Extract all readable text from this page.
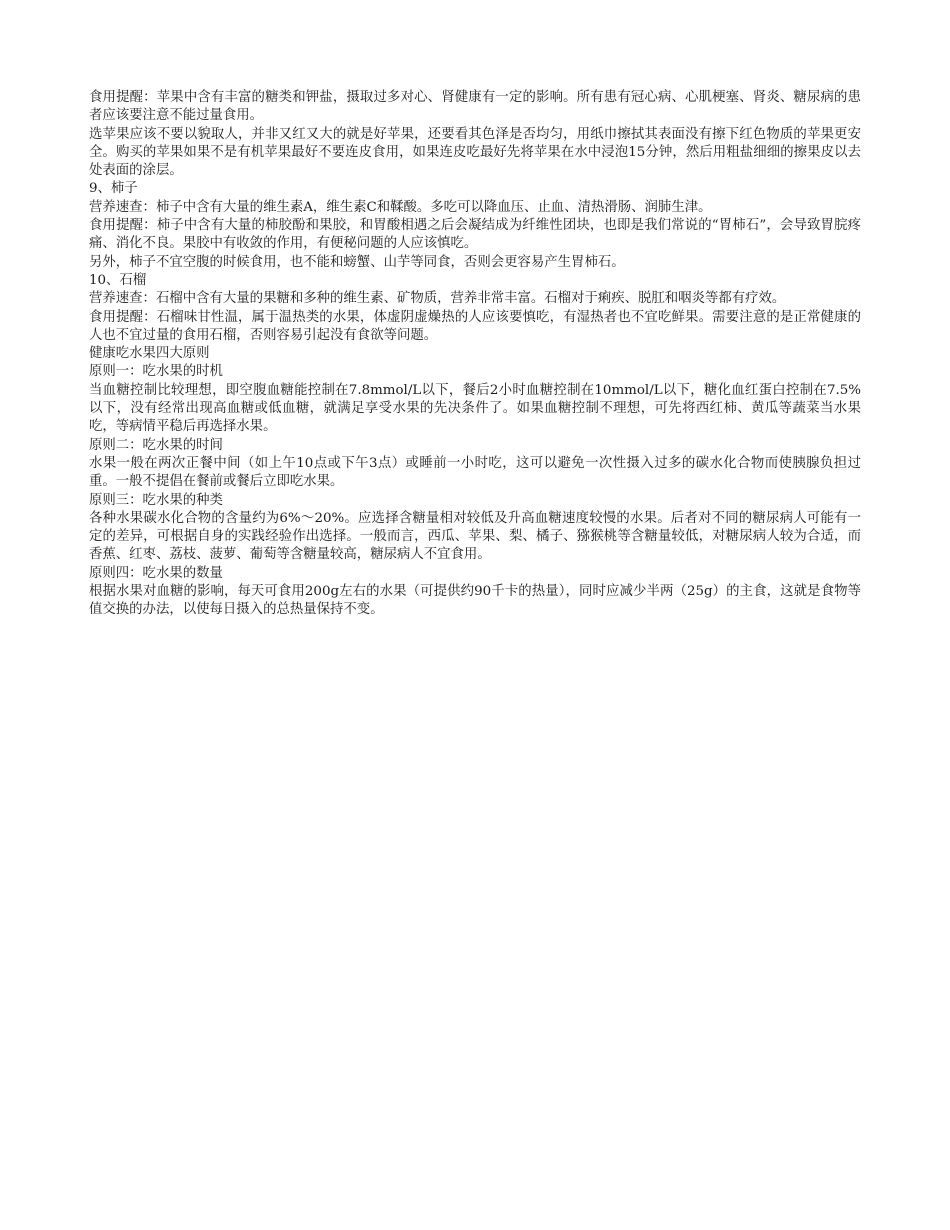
食用提醒：苹果中含有丰富的糖类和钾盐，摄取过多对心、肾健康有一定的影响。所有患有冠心病、心肌梗塞、肾炎、糖尿病的患者应该要注意不能过量食用。

选苹果应该不要以貌取人，并非又红又大的就是好苹果，还要看其色泽是否均匀，用纸巾擦拭其表面没有擦下红色物质的苹果更安全。购买的苹果如果不是有机苹果最好不要连皮食用，如果连皮吃最好先将苹果在水中浸泡15分钟，然后用粗盐细细的擦果皮以去处表面的涂层。

9、柿子

营养速查：柿子中含有大量的维生素A，维生素C和鞣酸。多吃可以降血压、止血、清热滑肠、润肺生津。

食用提醒：柿子中含有大量的柿胶酚和果胶，和胃酸相遇之后会凝结成为纤维性团块，也即是我们常说的“胃柿石”，会导致胃脘疼痛、消化不良。果胶中有收敛的作用，有便秘问题的人应该慎吃。

另外，柿子不宜空腹的时候食用，也不能和螃蟹、山芋等同食，否则会更容易产生胃柿石。

10、石榴

营养速查：石榴中含有大量的果糖和多种的维生素、矿物质，营养非常丰富。石榴对于痢疾、脱肛和咽炎等都有疗效。

食用提醒：石榴味甘性温，属于温热类的水果，体虚阴虚燥热的人应该要慎吃，有湿热者也不宜吃鲜果。需要注意的是正常健康的人也不宜过量的食用石榴，否则容易引起没有食欲等问题。

健康吃水果四大原则

原则一：吃水果的时机

当血糖控制比较理想，即空腹血糖能控制在7.8mmol/L以下，餐后2小时血糖控制在10mmol/L以下，糖化血红蛋白控制在7.5%以下，没有经常出现高血糖或低血糖，就满足享受水果的先决条件了。如果血糖控制不理想，可先将西红柿、黄瓜等蔬菜当水果吃，等病情平稳后再选择水果。

原则二：吃水果的时间

水果一般在两次正餐中间（如上午10点或下午3点）或睡前一小时吃，这可以避免一次性摄入过多的碳水化合物而使胰腺负担过重。一般不提倡在餐前或餐后立即吃水果。

原则三：吃水果的种类

各种水果碳水化合物的含量约为6%～20%。应选择含糖量相对较低及升高血糖速度较慢的水果。后者对不同的糖尿病人可能有一定的差异，可根据自身的实践经验作出选择。一般而言，西瓜、苹果、梨、橘子、猕猴桃等含糖量较低，对糖尿病人较为合适，而香蕉、红枣、荔枝、菠萝、葡萄等含糖量较高，糖尿病人不宜食用。

原则四：吃水果的数量

根据水果对血糖的影响，每天可食用200g左右的水果（可提供约90千卡的热量），同时应减少半两（25g）的主食，这就是食物等值交换的办法，以使每日摄入的总热量保持不变。
